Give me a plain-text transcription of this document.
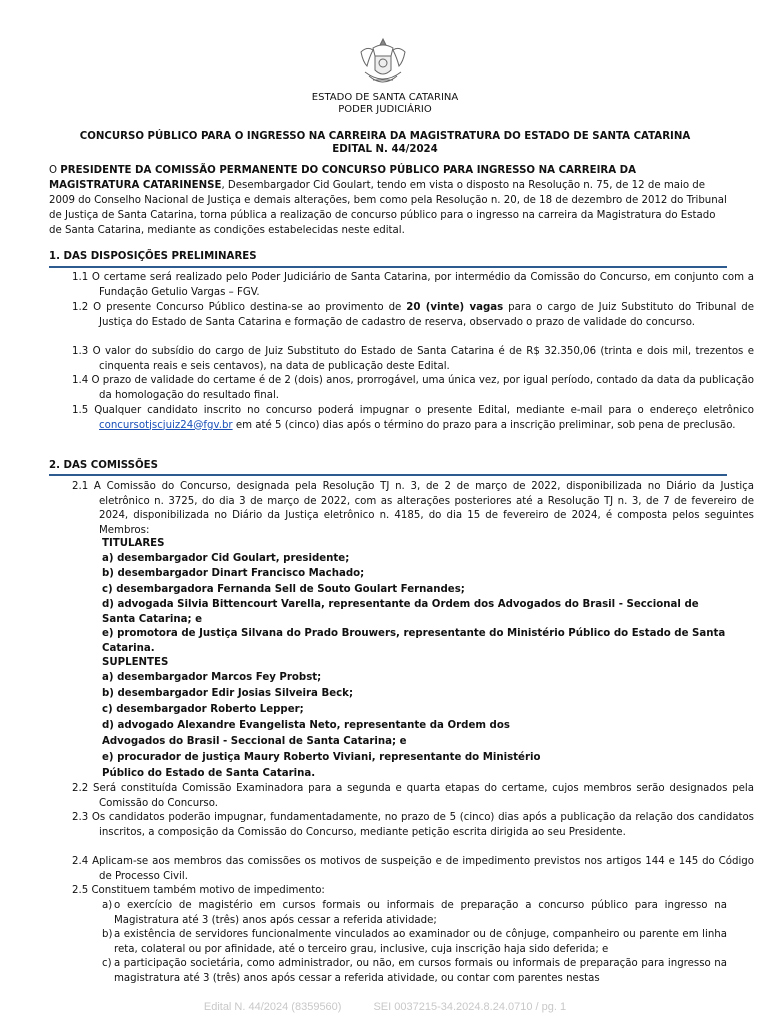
ESTADO DE SANTA CATARINA
PODER JUDICIÁRIO
CONCURSO PÚBLICO PARA O INGRESSO NA CARREIRA DA MAGISTRATURA DO ESTADO DE SANTA CATARINA
EDITAL N. 44/2024

O PRESIDENTE DA COMISSÃO PERMANENTE DO CONCURSO PÚBLICO PARA INGRESSO NA CARREIRA DA MAGISTRATURA CATARINENSE, Desembargador Cid Goulart, tendo em vista o disposto na Resolução n. 75, de 12 de maio de 2009 do Conselho Nacional de Justiça e demais alterações, bem como pela Resolução n. 20, de 18 de dezembro de 2012 do Tribunal de Justiça de Santa Catarina, torna pública a realização de concurso público para o ingresso na carreira da Magistratura do Estado de Santa Catarina, mediante as condições estabelecidas neste edital.

1. DAS DISPOSIÇÕES PRELIMINARES

1.1 O certame será realizado pelo Poder Judiciário de Santa Catarina, por intermédio da Comissão do Concurso, em conjunto com a Fundação Getulio Vargas – FGV.

1.2 O presente Concurso Público destina-se ao provimento de 20 (vinte) vagas para o cargo de Juiz Substituto do Tribunal de Justiça do Estado de Santa Catarina e formação de cadastro de reserva, observado o prazo de validade do concurso.

1.3 O valor do subsídio do cargo de Juiz Substituto do Estado de Santa Catarina é de R$ 32.350,06 (trinta e dois mil, trezentos e cinquenta reais e seis centavos), na data de publicação deste Edital.

1.4 O prazo de validade do certame é de 2 (dois) anos, prorrogável, uma única vez, por igual período, contado da data da publicação da homologação do resultado final.

1.5 Qualquer candidato inscrito no concurso poderá impugnar o presente Edital, mediante e-mail para o endereço eletrônico concursotjscjuiz24@fgv.br em até 5 (cinco) dias após o término do prazo para a inscrição preliminar, sob pena de preclusão.

2. DAS COMISSÕES

2.1 A Comissão do Concurso, designada pela Resolução TJ n. 3, de 2 de março de 2022, disponibilizada no Diário da Justiça eletrônico n. 3725, do dia 3 de março de 2022, com as alterações posteriores até a Resolução TJ n. 3, de 7 de fevereiro de 2024, disponibilizada no Diário da Justiça eletrônico n. 4185, do dia 15 de fevereiro de 2024, é composta pelos seguintes Membros:

TITULARES

a) desembargador Cid Goulart, presidente;

b) desembargador Dinart Francisco Machado;

c) desembargadora Fernanda Sell de Souto Goulart Fernandes;

d) advogada Silvia Bittencourt Varella, representante da Ordem dos Advogados do Brasil - Seccional de Santa Catarina; e

e) promotora de Justiça Silvana do Prado Brouwers, representante do Ministério Público do Estado de Santa Catarina.

SUPLENTES

a) desembargador Marcos Fey Probst;

b) desembargador Edir Josias Silveira Beck;

c) desembargador Roberto Lepper;

d) advogado Alexandre Evangelista Neto, representante da Ordem dos

Advogados do Brasil - Seccional de Santa Catarina; e

e) procurador de justiça Maury Roberto Viviani, representante do Ministério

Público do Estado de Santa Catarina.

2.2 Será constituída Comissão Examinadora para a segunda e quarta etapas do certame, cujos membros serão designados pela Comissão do Concurso.

2.3 Os candidatos poderão impugnar, fundamentadamente, no prazo de 5 (cinco) dias após a publicação da relação dos candidatos inscritos, a composição da Comissão do Concurso, mediante petição escrita dirigida ao seu Presidente.

2.4 Aplicam-se aos membros das comissões os motivos de suspeição e de impedimento previstos nos artigos 144 e 145 do Código de Processo Civil.

2.5 Constituem também motivo de impedimento:

a) o exercício de magistério em cursos formais ou informais de preparação a concurso público para ingresso na Magistratura até 3 (três) anos após cessar a referida atividade;

b) a existência de servidores funcionalmente vinculados ao examinador ou de cônjuge, companheiro ou parente em linha reta, colateral ou por afinidade, até o terceiro grau, inclusive, cuja inscrição haja sido deferida; e

c) a participação societária, como administrador, ou não, em cursos formais ou informais de preparação para ingresso na magistratura até 3 (três) anos após cessar a referida atividade, ou contar com parentes nestas

Edital N. 44/2024 (8359560)	SEI 0037215-34.2024.8.24.0710 / pg. 1
